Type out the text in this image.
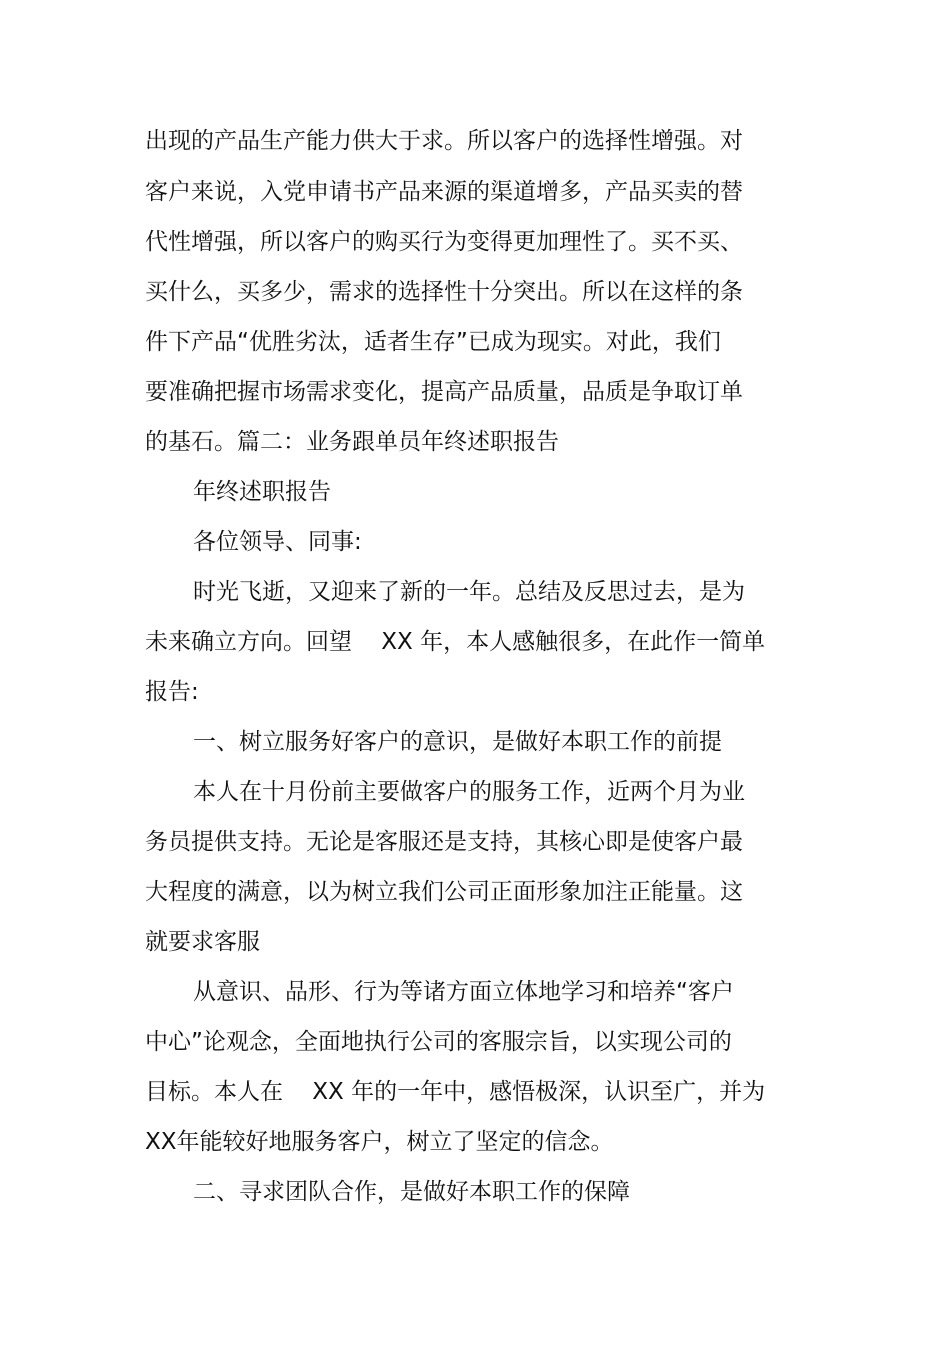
出现的产品生产能力供大于求。所以客户的选择性增强。对

客户来说，入党申请书产品来源的渠道增多，产品买卖的替

代性增强，所以客户的购买行为变得更加理性了。买不买、

买什么，买多少，需求的选择性十分突出。所以在这样的条

件下产品“优胜劣汰，适者生存”已成为现实。对此，我们

要准确把握市场需求变化，提高产品质量，品质是争取订单

的基石。篇二：业务跟单员年终述职报告

年终述职报告

各位领导、同事:

时光飞逝，又迎来了新的一年。总结及反思过去，是为

未来确立方向。回望    XX 年，本人感触很多，在此作一简单

报告:

一、树立服务好客户的意识，是做好本职工作的前提

本人在十月份前主要做客户的服务工作，近两个月为业

务员提供支持。无论是客服还是支持，其核心即是使客户最

大程度的满意，以为树立我们公司正面形象加注正能量。这

就要求客服

从意识、品形、行为等诸方面立体地学习和培养“客户

中心”论观念，全面地执行公司的客服宗旨，以实现公司的

目标。本人在    XX 年的一年中，感悟极深，认识至广，并为

XX年能较好地服务客户，树立了坚定的信念。

二、寻求团队合作，是做好本职工作的保障
